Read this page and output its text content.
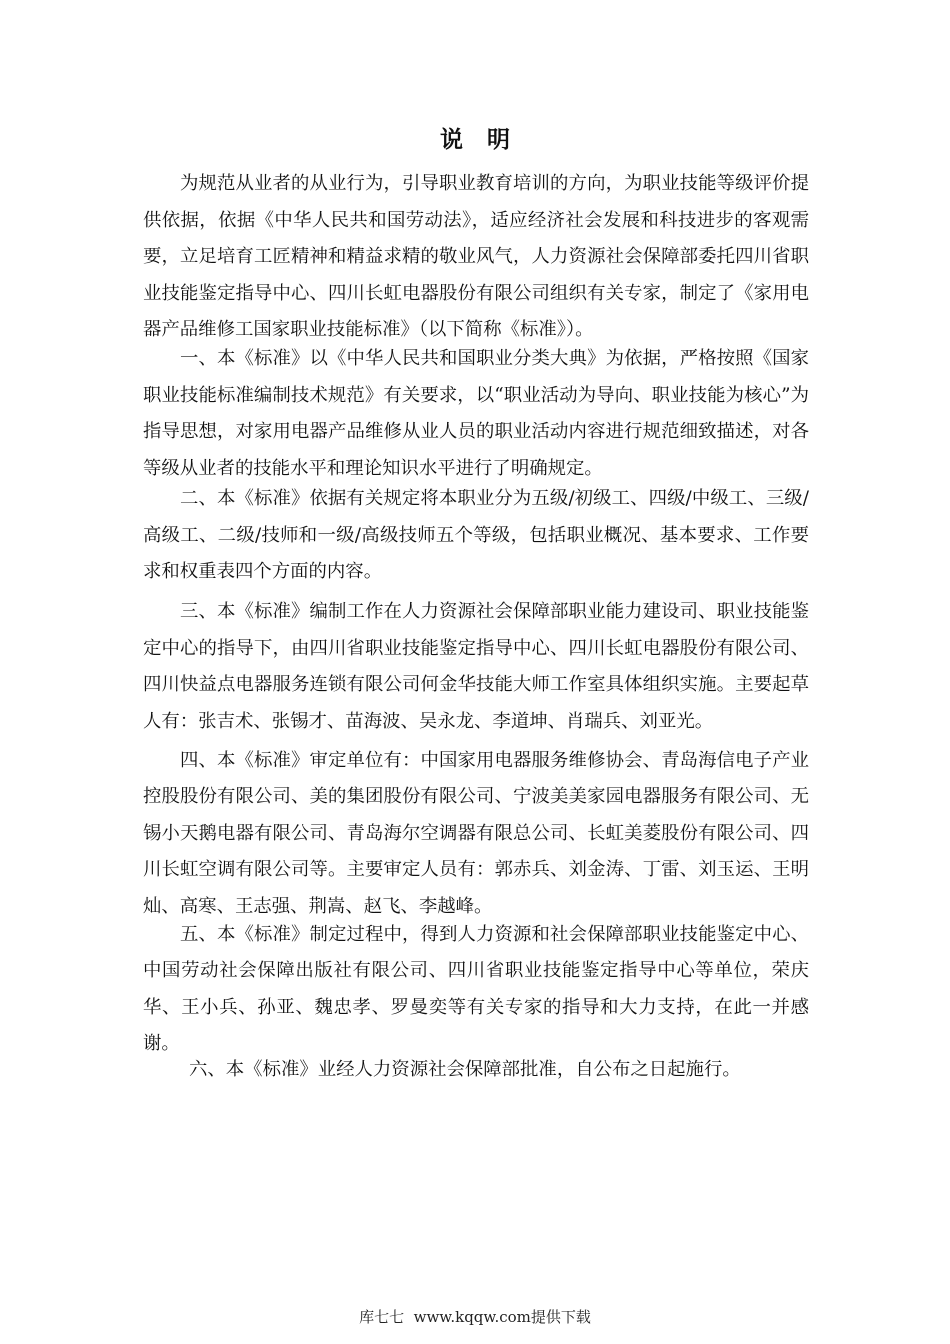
说明

为规范从业者的从业行为，引导职业教育培训的方向，为职业技能等级评价提供依据，依据《中华人民共和国劳动法》，适应经济社会发展和科技进步的客观需要，立足培育工匠精神和精益求精的敬业风气，人力资源社会保障部委托四川省职业技能鉴定指导中心、四川长虹电器股份有限公司组织有关专家，制定了《家用电器产品维修工国家职业技能标准》（以下简称《标准》）。

一、本《标准》以《中华人民共和国职业分类大典》为依据，严格按照《国家职业技能标准编制技术规范》有关要求，以“职业活动为导向、职业技能为核心”为指导思想，对家用电器产品维修从业人员的职业活动内容进行规范细致描述，对各等级从业者的技能水平和理论知识水平进行了明确规定。

二、本《标准》依据有关规定将本职业分为五级/初级工、四级/中级工、三级/高级工、二级/技师和一级/高级技师五个等级，包括职业概况、基本要求、工作要求和权重表四个方面的内容。

三、本《标准》编制工作在人力资源社会保障部职业能力建设司、职业技能鉴定中心的指导下，由四川省职业技能鉴定指导中心、四川长虹电器股份有限公司、四川快益点电器服务连锁有限公司何金华技能大师工作室具体组织实施。主要起草人有：张吉术、张锡才、苗海波、吴永龙、李道坤、肖瑞兵、刘亚光。

四、本《标准》审定单位有：中国家用电器服务维修协会、青岛海信电子产业控股股份有限公司、美的集团股份有限公司、宁波美美家园电器服务有限公司、无锡小天鹅电器有限公司、青岛海尔空调器有限总公司、长虹美菱股份有限公司、四川长虹空调有限公司等。主要审定人员有：郭赤兵、刘金涛、丁雷、刘玉运、王明灿、高寒、王志强、荆嵩、赵飞、李越峰。

五、本《标准》制定过程中，得到人力资源和社会保障部职业技能鉴定中心、中国劳动社会保障出版社有限公司、四川省职业技能鉴定指导中心等单位，荣庆华、王小兵、孙亚、魏忠孝、罗曼奕等有关专家的指导和大力支持，在此一并感谢。

六、本《标准》业经人力资源社会保障部批准，自公布之日起施行。

库七七  www.kqqw.com提供下载
